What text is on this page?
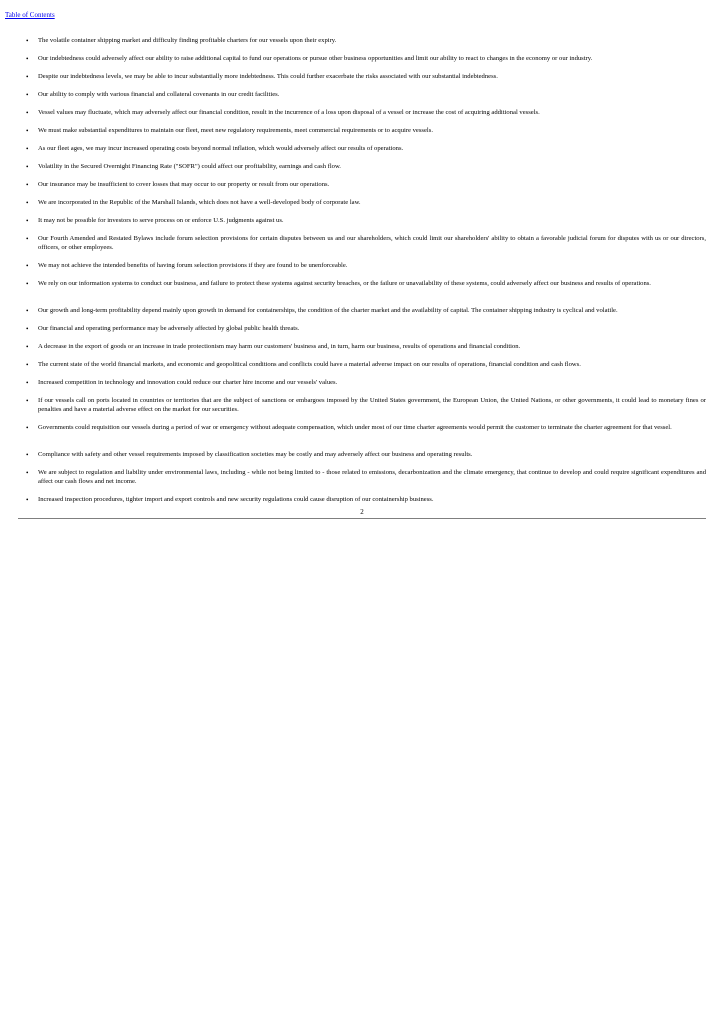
Table of Contents
• The volatile container shipping market and difficulty finding profitable charters for our vessels upon their expiry.

• Our indebtedness could adversely affect our ability to raise additional capital to fund our operations or pursue other business opportunities and limit our ability to react to changes in the economy or our industry.

• Despite our indebtedness levels, we may be able to incur substantially more indebtedness. This could further exacerbate the risks associated with our substantial indebtedness.

• Our ability to comply with various financial and collateral covenants in our credit facilities.

• Vessel values may fluctuate, which may adversely affect our financial condition, result in the incurrence of a loss upon disposal of a vessel or increase the cost of acquiring additional vessels.

• We must make substantial expenditures to maintain our fleet, meet new regulatory requirements, meet commercial requirements or to acquire vessels.

• As our fleet ages, we may incur increased operating costs beyond normal inflation, which would adversely affect our results of operations.

• Volatility in the Secured Overnight Financing Rate ("SOFR") could affect our profitability, earnings and cash flow.

• Our insurance may be insufficient to cover losses that may occur to our property or result from our operations.

• We are incorporated in the Republic of the Marshall Islands, which does not have a well-developed body of corporate law.

• It may not be possible for investors to serve process on or enforce U.S. judgments against us.

• Our Fourth Amended and Restated Bylaws include forum selection provisions for certain disputes between us and our shareholders, which could limit our shareholders' ability to obtain a favorable judicial forum for disputes with us or our directors, officers, or other employees.

• We may not achieve the intended benefits of having forum selection provisions if they are found to be unenforceable.

• We rely on our information systems to conduct our business, and failure to protect these systems against security breaches, or the failure or unavailability of these systems, could adversely affect our business and results of operations.

• Our growth and long-term profitability depend mainly upon growth in demand for containerships, the condition of the charter market and the availability of capital. The container shipping industry is cyclical and volatile.

• Our financial and operating performance may be adversely affected by global public health threats.

• A decrease in the export of goods or an increase in trade protectionism may harm our customers' business and, in turn, harm our business, results of operations and financial condition.

• The current state of the world financial markets, and economic and geopolitical conditions and conflicts could have a material adverse impact on our results of operations, financial condition and cash flows.

• Increased competition in technology and innovation could reduce our charter hire income and our vessels' values.

• If our vessels call on ports located in countries or territories that are the subject of sanctions or embargoes imposed by the United States government, the European Union, the United Nations, or other governments, it could lead to monetary fines or penalties and have a material adverse effect on the market for our securities.

• Governments could requisition our vessels during a period of war or emergency without adequate compensation, which under most of our time charter agreements would permit the customer to terminate the charter agreement for that vessel.

• Compliance with safety and other vessel requirements imposed by classification societies may be costly and may adversely affect our business and operating results.

• We are subject to regulation and liability under environmental laws, including - while not being limited to - those related to emissions, decarbonization and the climate emergency, that continue to develop and could require significant expenditures and affect our cash flows and net income.

• Increased inspection procedures, tighter import and export controls and new security regulations could cause disruption of our containership business.

2
